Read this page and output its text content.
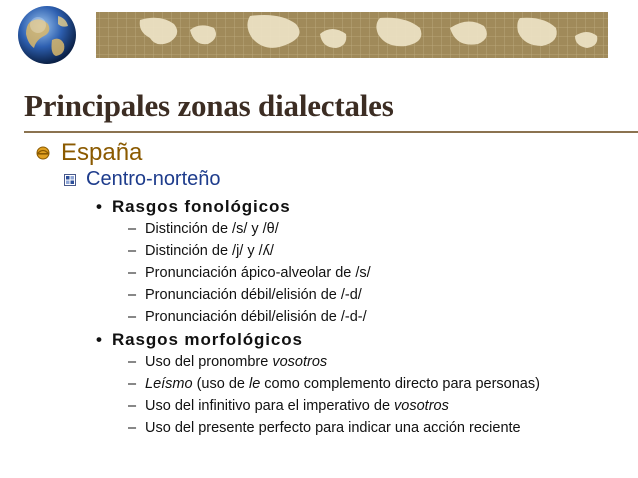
Principales zonas dialectales
España
Centro-norteño
• Rasgos fonológicos
– Distinción de /s/ y /θ/
– Distinción de /j/ y /ʎ/
– Pronunciación ápico-alveolar de /s/
– Pronunciación débil/elisión de /-d/
– Pronunciación débil/elisión de /-d-/
• Rasgos morfológicos
– Uso del pronombre vosotros
– Leísmo (uso de le como complemento directo para personas)
– Uso del infinitivo para el imperativo de vosotros
– Uso del presente perfecto para indicar una acción reciente
